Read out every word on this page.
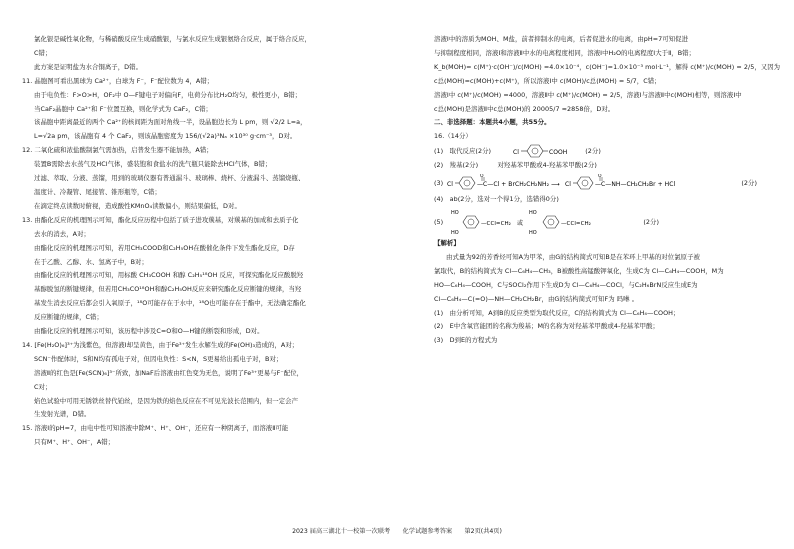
氯化银是碱性氧化物，与稀硝酸反应生成硝酸银，与氯水反应生成银氨络合反应，属于络合反应，
C错；
此方案是证明盐为水合铜离子，D错。
11. 晶胞图可看出黑球为 Ca²⁺，白球为 F⁻，F⁻配位数为 4，A错；
由于电负性：F>O>H，OF₂中 O—F键电子对偏向F，电荷分布比H₂O均匀，极性更小，B错；
当CaF₂晶胞中 Ca²⁺和 F⁻位置互换，则化学式为 CaF₂，C错；
该晶胞中距离最近的两个 Ca²⁺的核间距为面对角线一半，设晶胞边长为 L pm，则 √2/2 L=a，
L=√2a pm，该晶胞有 4 个 CaF₂，则该晶胞密度为 156/(√2a)³Nₐ ×10³⁰ g·cm⁻³，D对。
12. 二氧化硫和浓盐酸制氯气需加热，启普发生器不能加热，A错；
装置B需除去水蒸气及HCl气体，盛装饱和食盐水的洗气瓶只能除去HCl气体，B错；
过滤、萃取、分液、蒸馏，用到的玻璃仪器有普通漏斗、玻璃棒、烧杯、分液漏斗、蒸馏烧瓶、
温度计、冷凝管、尾接管、锥形瓶等，C错；
在滴定终点读数时俯视，造成酸性KMnO₄读数偏小，则结果偏低，D对。
13. 由酯化反应的机理图示可知，酯化反应历程中包括了质子进攻羰基，对羰基的加成和去质子化
去水的消去，A对；
由酯化反应的机理图示可知，若用CH₃COOD和C₂H₅OH在酸催化条件下发生酯化反应，D存
在于乙酸、乙醇、水、氢离子中，B对；
由酯化反应的机理图示可知，用标酸 CH₃COOH 和醇 C₂H₅¹⁸OH 反应，可探究酯化反应酸脱羟
基醇脱氢的断键规律，但若用CH₃CO¹⁸OH和醇C₂H₅OH反应来研究酯化反应断键的规律，当羟
基发生消去反应后都会引入氧原子，¹⁸O可能存在于水中，¹⁸O也可能存在于酯中，无法确定酯化
反应断键的规律，C错；
由酯化反应的机理图示可知，该历程中涉及C=O和O—H键的断裂和形成，D对。
14. [Fe(H₂O)₆]³⁺为浅紫色，但溶液Ⅰ却呈黄色，由于Fe³⁺发生水解生成的Fe(OH)₃造成的，A对；
SCN⁻作配体时，S和N均有孤电子对，但因电负性：S<N，S更易给出孤电子对，B对；
溶液Ⅱ的红色是[Fe(SCN)₆]³⁻所致，加NaF后溶液由红色变为无色，说明了Fe³⁺更易与F⁻配位，
C对；
焰色试验中可用无锈铁丝替代铂丝，是因为铁的焰色反应在不可见光波长范围内，但一定会产
生发射光谱，D错。
15. 溶液Ⅰ的pH=7，由电中性可知溶液中除M⁺、H⁺、OH⁻，还应有一种阴离子，而溶液Ⅱ可能
只有M⁺、H⁺、OH⁻，A错；
溶液Ⅰ中的溶质为MOH、M盐，前者抑制水的电离，后者促进水的电离，由pH=7可知促进
与抑制程度相同，溶液Ⅰ和溶液Ⅱ中水的电离程度相同，溶液Ⅰ中H₂O的电离程度Ⅰ大于Ⅱ，B错；
K_b(MOH)= c(M⁺)·c(OH⁻)/c(MOH) =4.0×10⁻⁴，c(OH⁻)=1.0×10⁻³ mol·L⁻¹，解得 c(M⁺)/c(MOH) = 2/5，又因为
c总(MOH)=c(MOH)+c(M⁺)，所以溶液Ⅰ中 c(MOH)/c总(MOH) = 5/7，C错；
溶液Ⅰ中 c(M⁺)/c(MOH) =4000，溶液Ⅱ中 c(M⁺)/c(MOH) = 2/5，溶液Ⅰ与溶液Ⅱ中c(MOH)相等，则溶液Ⅰ中
c总(MOH)是溶液Ⅱ中c总(MOH)的 20005/7 ≈2858倍，D对。
二、非选择题：本题共4小题，共55分。
16.（14分）
(1)　取代反应(2分)	Cl	COOH	(2分)
(2)　羧基(2分)　　　对羟基苯甲酸或4-羟基苯甲酸(2分)
(3) Cl	—C—Cl + BrCH₂CH₂NH₂ ⟶
O
Cl	—C—NH—CH₂CH₂Br + HCl
O
(2分)
(4)　ab(2分，选对一个得1分，选错得0分)
(5)
HO
HO
—CCl=CH₂ 或
HO
HO
—CCl=CH₂	(2分)
【解析】
由式量为92的芳香烃可知A为甲苯，由G的结构简式可知B是在苯环上甲基的对位氯原子被
氯取代，B的结构简式为 Cl—C₆H₄—CH₃，B被酸性高锰酸钾氧化，生成C为 Cl—C₆H₄—COOH，M为
HO—C₆H₄—COOH，C与SOCl₂作用下生成D为 Cl—C₆H₄—COCl，与C₂H₆BrN反应生成E为
Cl—C₆H₄—C(=O)—NH—CH₂CH₂Br，由G的结构简式可知F为 吗啉 。
(1)　由分析可知，A到B的反应类型为取代反应，C的结构简式为 Cl—C₆H₄—COOH；
(2)　E中含氧官能团的名称为羧基；M的名称为对羟基苯甲酸或4-羟基苯甲酸；
(3)　D到E的方程式为
2023 届高三湖北十一校第一次联考　　化学试题参考答案　　第2页(共4页)
